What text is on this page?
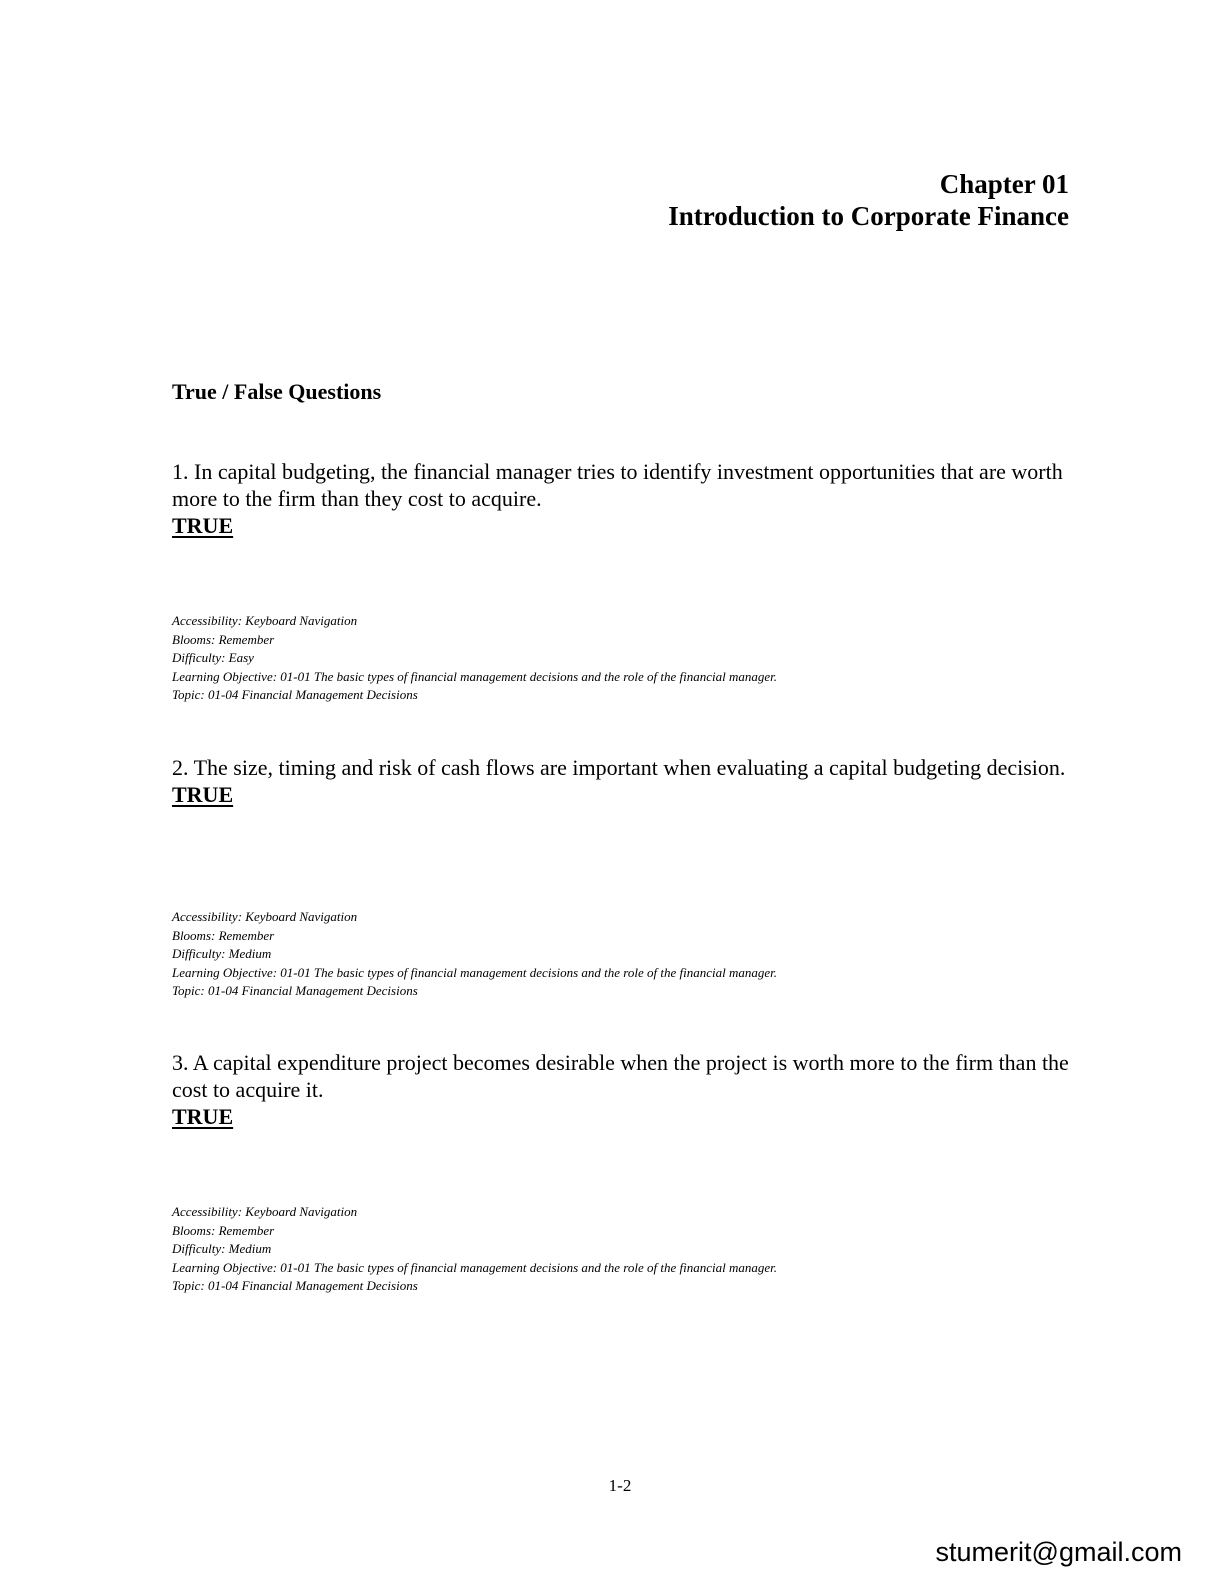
Chapter 01
Introduction to Corporate Finance
True / False Questions
1. In capital budgeting, the financial manager tries to identify investment opportunities that are worth more to the firm than they cost to acquire.
TRUE
Accessibility: Keyboard Navigation
Blooms: Remember
Difficulty: Easy
Learning Objective: 01-01 The basic types of financial management decisions and the role of the financial manager.
Topic: 01-04 Financial Management Decisions
2. The size, timing and risk of cash flows are important when evaluating a capital budgeting decision.
TRUE
Accessibility: Keyboard Navigation
Blooms: Remember
Difficulty: Medium
Learning Objective: 01-01 The basic types of financial management decisions and the role of the financial manager.
Topic: 01-04 Financial Management Decisions
3. A capital expenditure project becomes desirable when the project is worth more to the firm than the cost to acquire it.
TRUE
Accessibility: Keyboard Navigation
Blooms: Remember
Difficulty: Medium
Learning Objective: 01-01 The basic types of financial management decisions and the role of the financial manager.
Topic: 01-04 Financial Management Decisions
1-2
stumerit@gmail.com
